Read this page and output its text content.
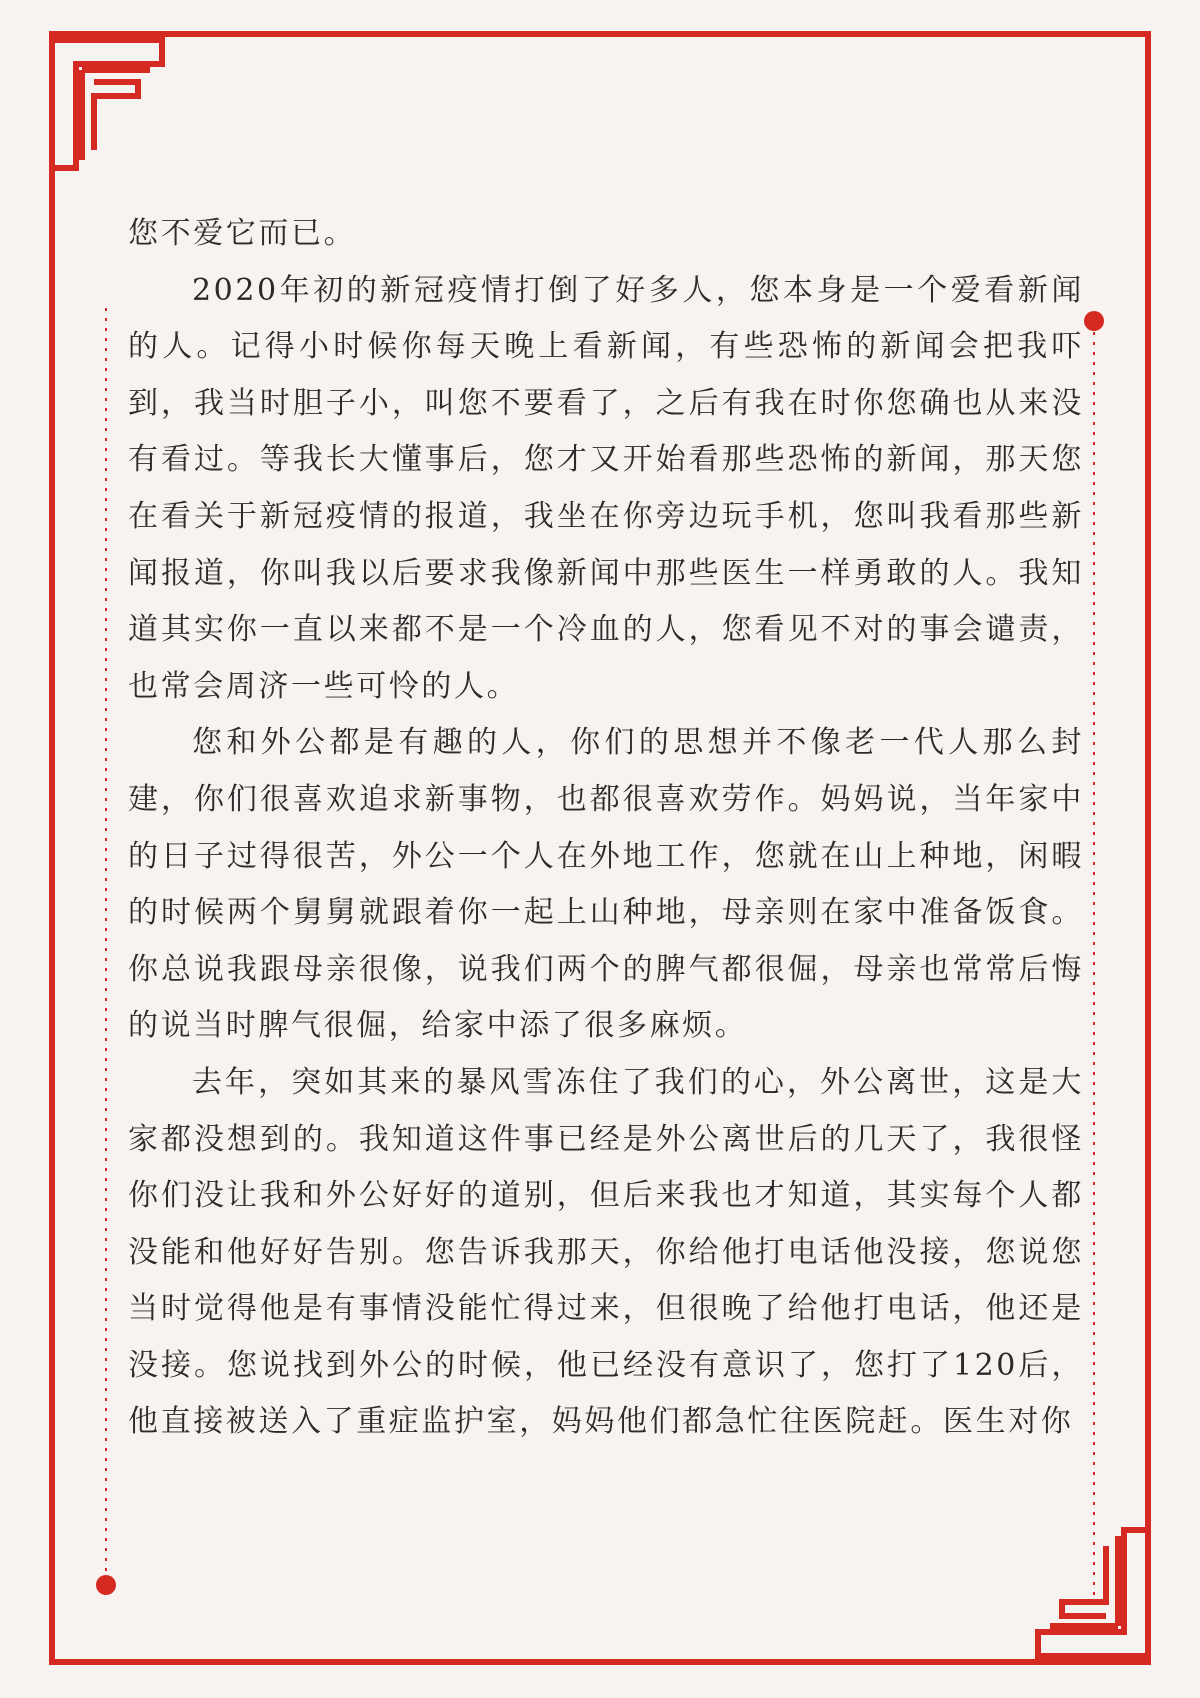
您不爱它而已。

2020年初的新冠疫情打倒了好多人，您本身是一个爱看新闻的人。记得小时候你每天晚上看新闻，有些恐怖的新闻会把我吓到，我当时胆子小，叫您不要看了，之后有我在时你您确也从来没有看过。等我长大懂事后，您才又开始看那些恐怖的新闻，那天您在看关于新冠疫情的报道，我坐在你旁边玩手机，您叫我看那些新闻报道，你叫我以后要求我像新闻中那些医生一样勇敢的人。我知道其实你一直以来都不是一个冷血的人，您看见不对的事会谴责，也常会周济一些可怜的人。

您和外公都是有趣的人，你们的思想并不像老一代人那么封建，你们很喜欢追求新事物，也都很喜欢劳作。妈妈说，当年家中的日子过得很苦，外公一个人在外地工作，您就在山上种地，闲暇的时候两个舅舅就跟着你一起上山种地，母亲则在家中准备饭食。你总说我跟母亲很像，说我们两个的脾气都很倔，母亲也常常后悔的说当时脾气很倔，给家中添了很多麻烦。

去年，突如其来的暴风雪冻住了我们的心，外公离世，这是大家都没想到的。我知道这件事已经是外公离世后的几天了，我很怪你们没让我和外公好好的道别，但后来我也才知道，其实每个人都没能和他好好告别。您告诉我那天，你给他打电话他没接，您说您当时觉得他是有事情没能忙得过来，但很晚了给他打电话，他还是没接。您说找到外公的时候，他已经没有意识了，您打了120后，他直接被送入了重症监护室，妈妈他们都急忙往医院赶。医生对你
